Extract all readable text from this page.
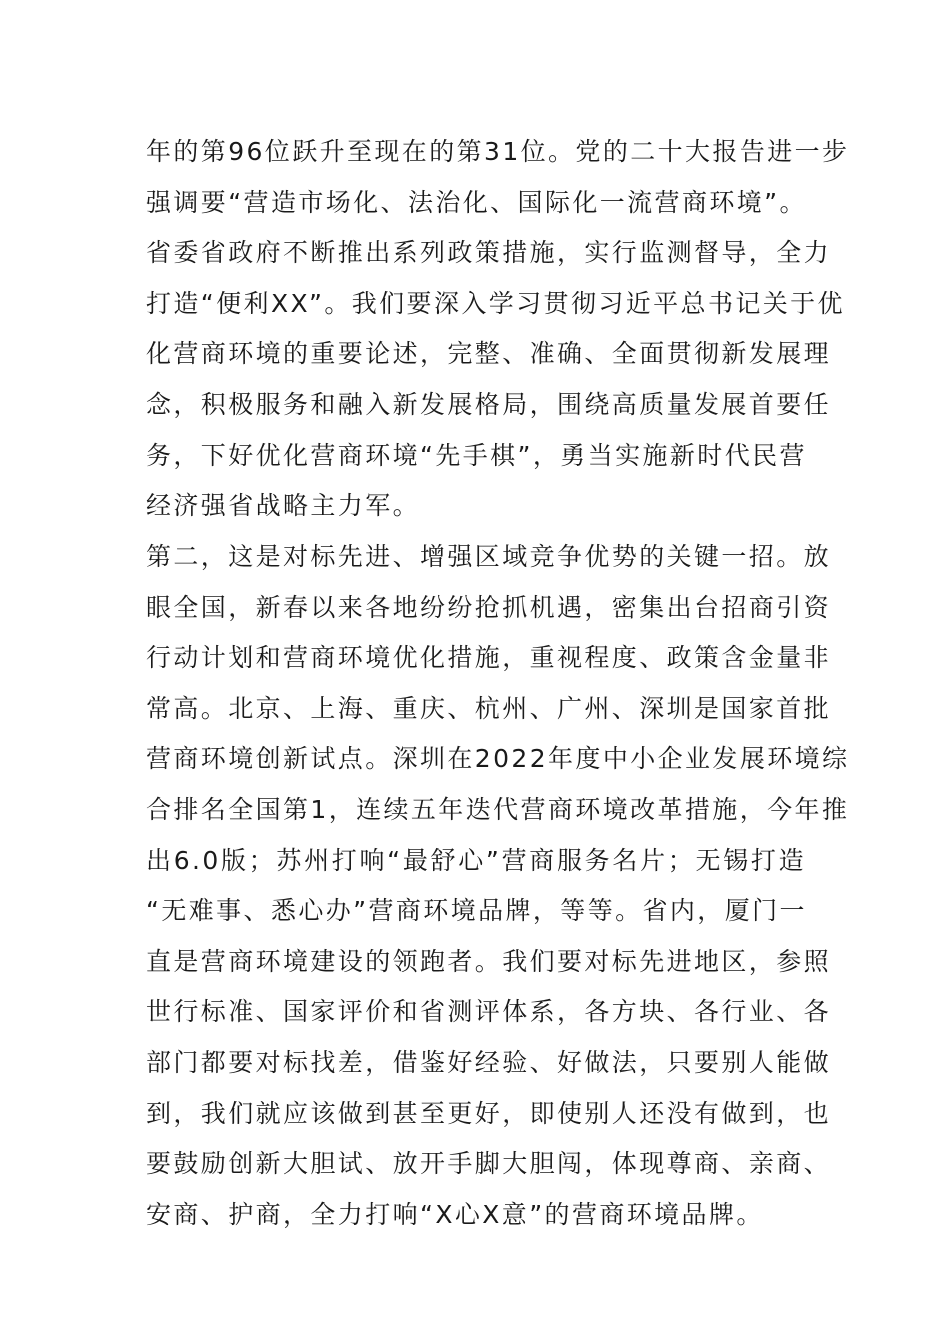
年的第96位跃升至现在的第31位。党的二十大报告进一步
强调要“营造市场化、法治化、国际化一流营商环境”。
省委省政府不断推出系列政策措施，实行监测督导，全力
打造“便利XX”。我们要深入学习贯彻习近平总书记关于优
化营商环境的重要论述，完整、准确、全面贯彻新发展理
念，积极服务和融入新发展格局，围绕高质量发展首要任
务，下好优化营商环境“先手棋”，勇当实施新时代民营
经济强省战略主力军。
第二，这是对标先进、增强区域竞争优势的关键一招。放
眼全国，新春以来各地纷纷抢抓机遇，密集出台招商引资
行动计划和营商环境优化措施，重视程度、政策含金量非
常高。北京、上海、重庆、杭州、广州、深圳是国家首批
营商环境创新试点。深圳在2022年度中小企业发展环境综
合排名全国第1，连续五年迭代营商环境改革措施，今年推
出6.0版；苏州打响“最舒心”营商服务名片；无锡打造
“无难事、悉心办”营商环境品牌，等等。省内，厦门一
直是营商环境建设的领跑者。我们要对标先进地区，参照
世行标准、国家评价和省测评体系，各方块、各行业、各
部门都要对标找差，借鉴好经验、好做法，只要别人能做
到，我们就应该做到甚至更好，即使别人还没有做到，也
要鼓励创新大胆试、放开手脚大胆闯，体现尊商、亲商、
安商、护商，全力打响“X心X意”的营商环境品牌。
